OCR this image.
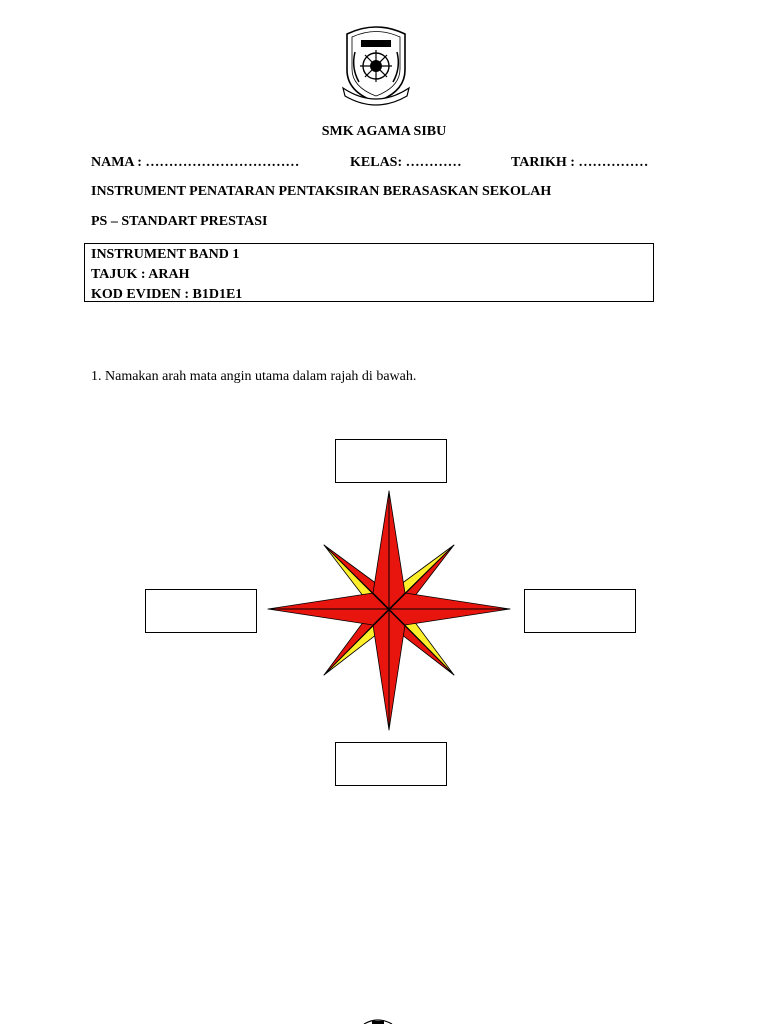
SMK AGAMA SIBU
NAMA : ……………………………	KELAS: …………	TARIKH : ……………
INSTRUMENT PENATARAN PENTAKSIRAN BERASASKAN SEKOLAH
PS – STANDART PRESTASI
INSTRUMENT BAND 1
TAJUK : ARAH
KOD EVIDEN : B1D1E1
1. Namakan arah mata angin utama dalam rajah di bawah.
